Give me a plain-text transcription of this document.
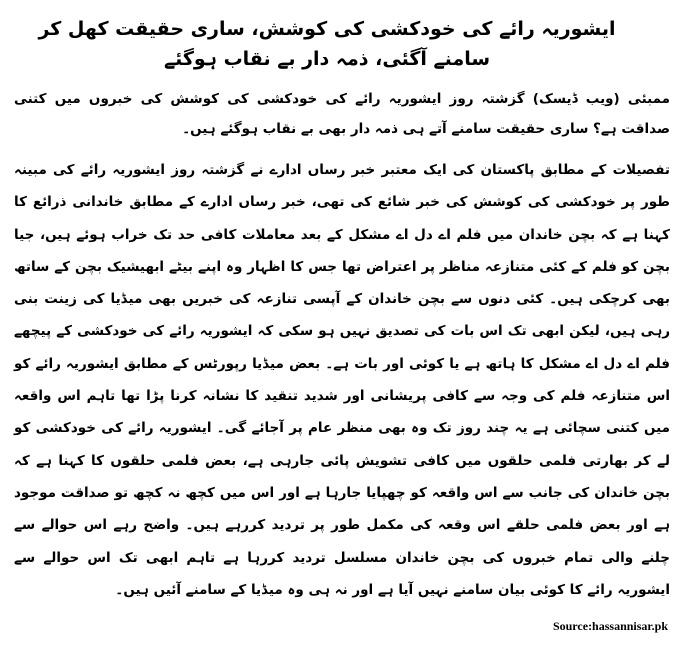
ایشوریہ رائے کی خودکشی کی کوشش، ساری حقیقت کھل کر سامنے آگئی، ذمہ دار بے نقاب ہوگئے

ممبئی (ویب ڈیسک) گزشتہ روز ایشوریہ رائے کی خودکشی کی کوشش کی خبروں میں کتنی صداقت ہے؟ ساری حقیقت سامنے آتے ہی ذمہ دار بھی بے نقاب ہوگئے ہیں۔

تفصیلات کے مطابق پاکستان کی ایک معتبر خبر رساں ادارے نے گزشتہ روز ایشوریہ رائے کی مبینہ طور پر خودکشی کی کوشش کی خبر شائع کی تھی، خبر رساں ادارے کے مطابق خاندانی ذرائع کا کہنا ہے کہ بچن خاندان میں فلم اے دل اے مشکل کے بعد معاملات کافی حد تک خراب ہوئے ہیں، جیا بچن کو فلم کے کئی متنازعہ مناظر پر اعتراض تھا جس کا اظہار وہ اپنے بیٹے ابھیشیک بچن کے ساتھ بھی کرچکی ہیں۔ کئی دنوں سے بچن خاندان کے آپسی تنازعہ کی خبریں بھی میڈیا کی زینت بنی رہی ہیں، لیکن ابھی تک اس بات کی تصدیق نہیں ہو سکی کہ ایشوریہ رائے کی خودکشی کے پیچھے فلم اے دل اے مشکل کا ہاتھ ہے یا کوئی اور بات ہے۔ بعض میڈیا رپورٹس کے مطابق ایشوریہ رائے کو اس متنازعہ فلم کی وجہ سے کافی پریشانی اور شدید تنقید کا نشانہ کرنا پڑا تھا تاہم اس واقعہ میں کتنی سچائی ہے یہ چند روز تک وہ بھی منظر عام پر آجائے گی۔ ایشوریہ رائے کی خودکشی کو لے کر بھارتی فلمی حلقوں میں کافی تشویش پائی جارہی ہے، بعض فلمی حلقوں کا کہنا ہے کہ بچن خاندان کی جانب سے اس واقعہ کو چھپایا جارہا ہے اور اس میں کچھ نہ کچھ تو صداقت موجود ہے اور بعض فلمی حلقے اس وقعہ کی مکمل طور پر تردید کررہے ہیں۔ واضح رہے اس حوالے سے چلنے والی تمام خبروں کی بچن خاندان مسلسل تردید کررہا ہے تاہم ابھی تک اس حوالے سے ایشوریہ رائے کا کوئی بیان سامنے نہیں آیا ہے اور نہ ہی وہ میڈیا کے سامنے آئیں ہیں۔

Source:hassannisar.pk
